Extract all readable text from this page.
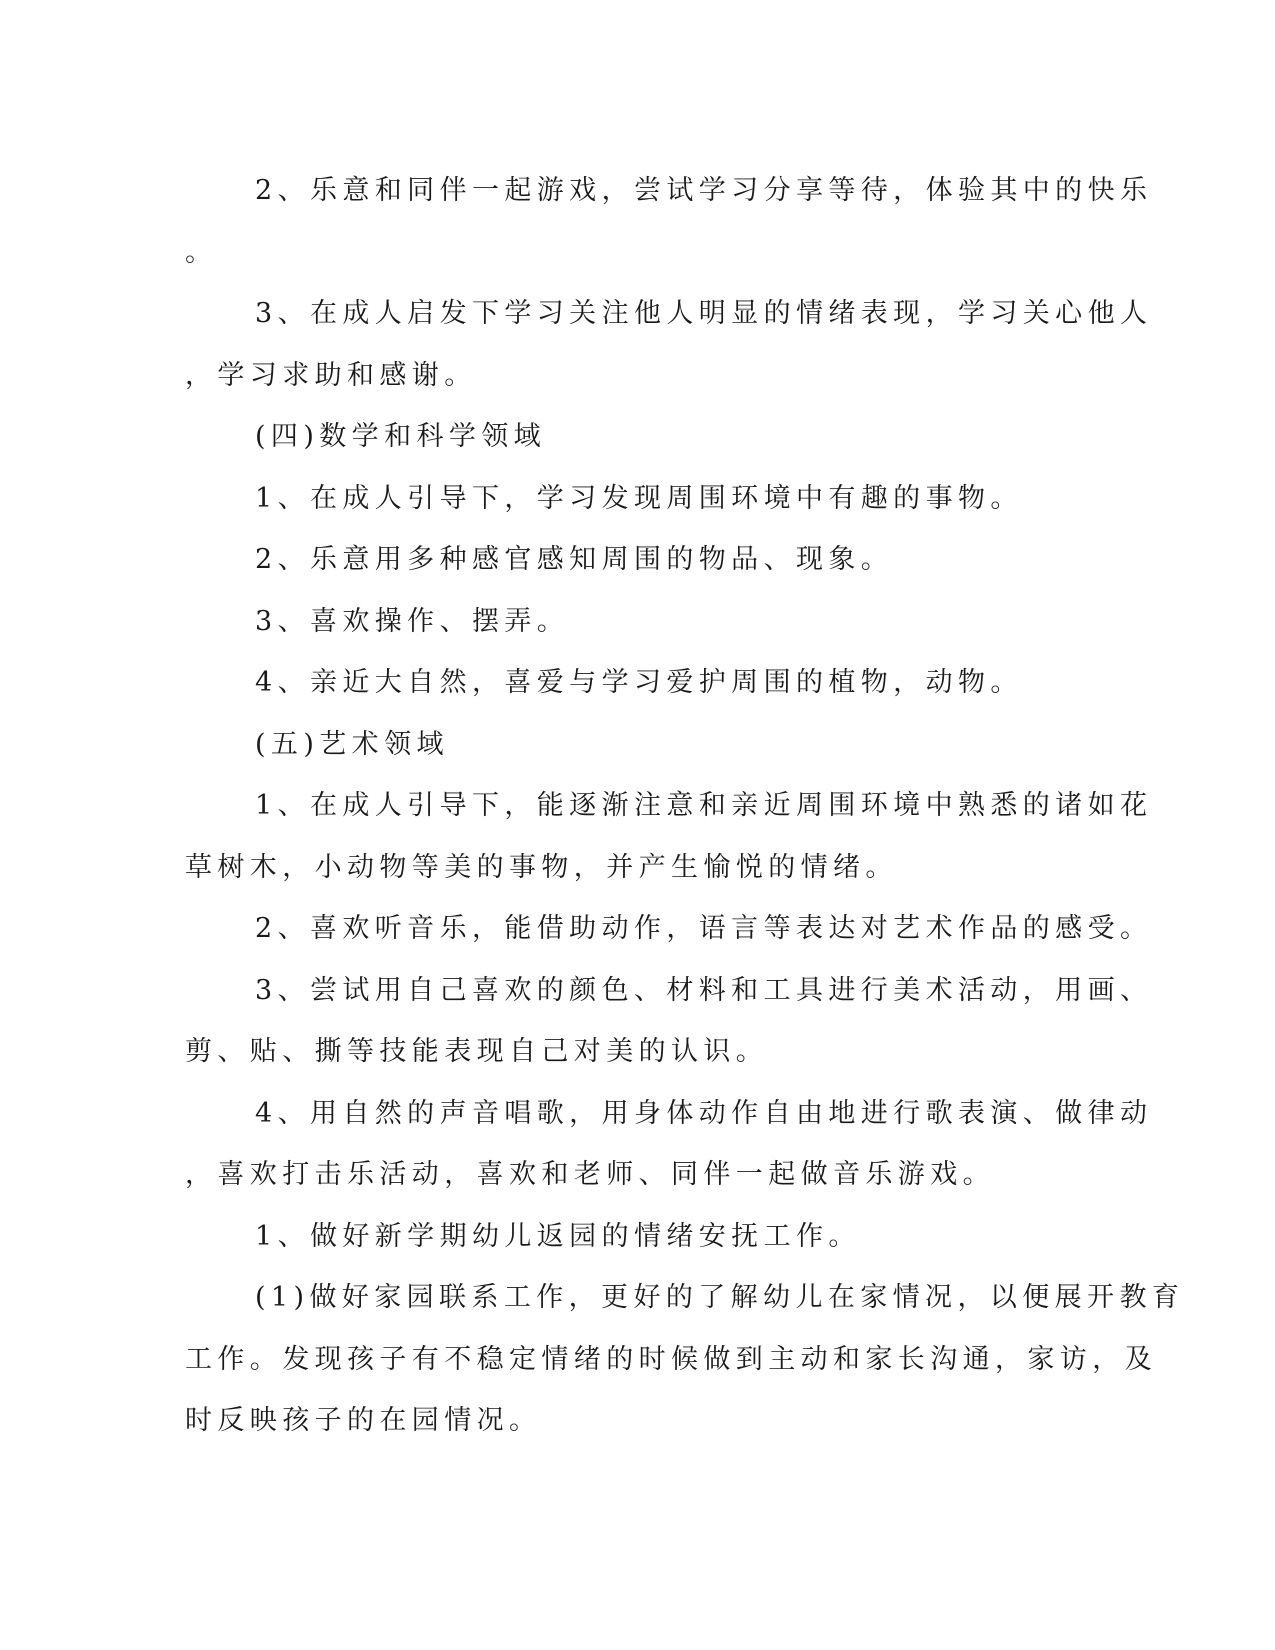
2、乐意和同伴一起游戏，尝试学习分享等待，体验其中的快乐
。

3、在成人启发下学习关注他人明显的情绪表现，学习关心他人
，学习求助和感谢。

(四)数学和科学领域

1、在成人引导下，学习发现周围环境中有趣的事物。

2、乐意用多种感官感知周围的物品、现象。

3、喜欢操作、摆弄。

4、亲近大自然，喜爱与学习爱护周围的植物，动物。

(五)艺术领域

1、在成人引导下，能逐渐注意和亲近周围环境中熟悉的诸如花
草树木，小动物等美的事物，并产生愉悦的情绪。

2、喜欢听音乐，能借助动作，语言等表达对艺术作品的感受。

3、尝试用自己喜欢的颜色、材料和工具进行美术活动，用画、
剪、贴、撕等技能表现自己对美的认识。

4、用自然的声音唱歌，用身体动作自由地进行歌表演、做律动
，喜欢打击乐活动，喜欢和老师、同伴一起做音乐游戏。

1、做好新学期幼儿返园的情绪安抚工作。

(1)做好家园联系工作，更好的了解幼儿在家情况，以便展开教育
工作。发现孩子有不稳定情绪的时候做到主动和家长沟通，家访，及
时反映孩子的在园情况。
